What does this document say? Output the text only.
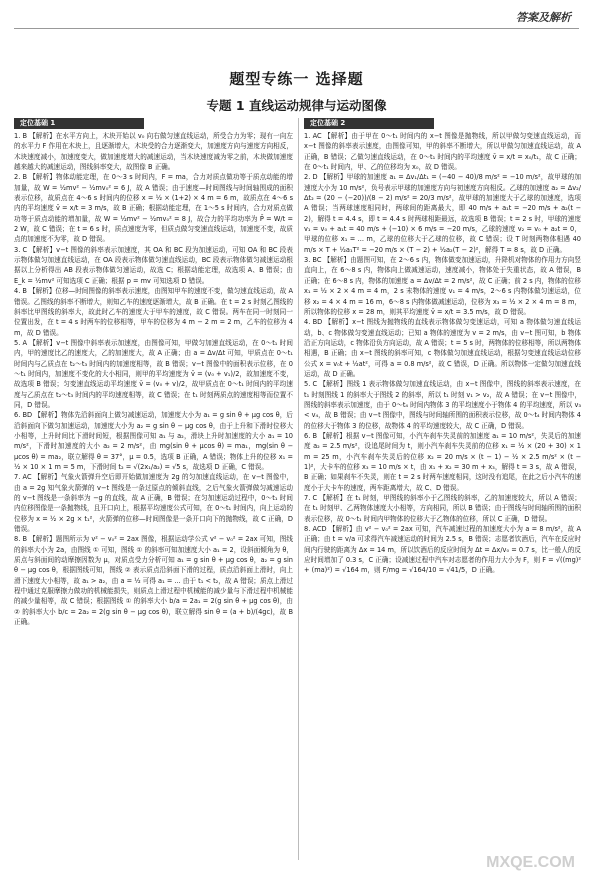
答案及解析
题型专练一 选择题
专题 1 直线运动规律与运动图像
定位基础 1

1. B 【解析】在水平方向上，木块开始以 v₀ 向右做匀速直线运动，所受合力为零；现有一向左的水平力 F 作用在木块上，且逐渐增大，木块受的合力逐渐变大，加速度方向与速度方向相反，木块速度减小，加速度变大，做加速度增大的减速运动，当木块速度减为零之前，木块做加速度越来越大的减速运动，图线斜率变大，故图像 B 正确。

2. B 【解析】物体动能定理，在 0～3 s 时间内，F = ma，合力对质点做功等于质点动能的增加量，故 W = ½mv² − ½mv₀² = 6 J，故 A 错误；由于速度—时间图线与时间轴围成的面积表示位移，故质点在 4～6 s 时间内的位移 x = ½ × (1+2) × 4 m = 6 m，故质点在 4～6 s 内的平均速度 v̄ = x/t = 3 m/s，故 B 正确；根据动能定理，在 1～5 s 时间内，合力对质点做功等于质点动能的增加量，故 W = ½mv² − ½mv₀² = 8 J，故合力的平均功率为 P̄ = W/t = 2 W，故 C 错误；在 t = 6 s 时，质点速度为零，但质点做匀变速直线运动，加速度不变，故质点的加速度不为零，故 D 错误。

3. C 【解析】v−t 图像的斜率表示加速度，其 OA 和 BC 段为加速运动，可知 OA 和 BC 段表示物体做匀加速直线运动，在 OA 段表示物体做匀速直线运动，BC 段表示物体做匀减速运动根据以上分析得出 AB 段表示物体做匀速运动，故选 C；根据动能定理，故选项 A、B 错误；由 E_k = ½mv² 可知选项 C 正确；根据 p = mv 可知选项 D 错误。

4. B 【解析】位移—时间图像的斜率表示速度，由图知甲车的速度不变，做匀速直线运动，故 A 错误。乙图线的斜率不断增大，则知乙车的速度逐渐增大，故 B 正确。在 t = 2 s 时刻乙图线的斜率比甲图线的斜率大，故此时乙车的速度大于甲车的速度，故 C 错误。两车在同一时刻同一位置出发，在 t = 4 s 时两车的位移相等，甲车的位移为 4 m − 2 m = 2 m，乙车的位移为 4 m，故 D 错误。

5. A 【解析】v−t 图像中斜率表示加速度，由图像可知，甲做匀加速直线运动，在 0～t₁ 时间内，甲的速度比乙的速度大，乙的加速度大，故 A 正确；由 a = Δv/Δt 可知，甲质点在 0～t₁ 时间内与乙质点在 t₂～t₃ 时间内的加速度相等，故 B 错误；v−t 图像中的面积表示位移，在 0～t₁ 时间内，加速度不变化的大小相同，则甲的平均速度为 v̄ = (v₀ + v₁)/2，故加速度不变，故选项 B 错误；匀变速直线运动平均速度 v̄ = (v₀ + v)/2，故甲质点在 0～t₁ 时间内的平均速度与乙质点在 t₂～t₃ 时间内的平均速度相等，故 C 错误；在 t₁ 时刻两质点的速度相等而位置不同，D 错误。

6. BD 【解析】物体先沿斜面向上做匀减速运动，加速度大小为 a₁ = g sin θ + μg cos θ，后沿斜面向下做匀加速运动，加速度大小为 a₂ = g sin θ − μg cos θ，由于上升和下滑时位移大小相等，上升时间比下滑时间短，根据图像可知 a₁ 与 a₂，滑块上升时加速度的大小 a₁ = 10 m/s²，下滑时加速度的大小 a₂ = 2 m/s²，由 mg(sin θ + μcos θ) = ma₁，mg(sin θ − μcos θ) = ma₂，联立解得 θ = 37°，μ = 0.5，选项 B 正确，A 错误；物体上升的位移 x₁ = ½ × 10 × 1 m = 5 m，下滑时间 t₂ = √(2x₁/a₂) = √5 s，故选项 D 正确，C 错误。

7. AC 【解析】气象火箭弹升空后即开始做加速度为 2g 的匀加速直线运动，在 v−t 图像中，由 a = 2g 知气象火箭弹的 v−t 图线是一条过原点的倾斜直线，之后气象火箭弹做匀减速运动的 v−t 图线是一条斜率为 −g 的直线，故 A 正确，B 错误；在匀加速运动过程中，0～t₁ 时间内位移图像是一条抛物线，且开口向上，根据平均速度公式可知，在 0～t₁ 时间内，向上运动的位移为 x = ½ × 2g × t₁²，火箭弹的位移—时间图像是一条开口向下的抛物线，故 C 正确，D 错误。

8. B 【解析】题图所示为 v² − v₀² = 2ax 图像，根据运动学公式 v² − v₀² = 2ax 可知，图线的斜率大小为 2a，由图线 ① 可知，图线 ① 的斜率可知加速度大小 a₁ = 2，设斜面倾角为 θ，质点与斜面间的动摩擦因数为 μ，对质点受力分析可知 a₁ = g sin θ + μg cos θ，a₂ = g sin θ − μg cos θ，根据图线可知，图线 ② 表示质点沿斜面下滑的过程，质点沿斜面上滑时，向上滑下速度大小相等，故 a₁ > a₂，由 a = ½ 可得 a₁ = ... 由于 t₁ < t₂，故 A 错误；质点上滑过程中通过克服摩擦力做功的机械能损失，则质点上滑过程中机械能的减少量与下滑过程中机械能的减少量相等，故 C 错误；根据图线 ① 的斜率大小 b/a = 2a₁ = 2(g sin θ + μg cos θ)，由 ② 的斜率大小 b/c = 2a₂ = 2(g sin θ − μg cos θ)，联立解得 sin θ = (a + b)/(4gc)，故 B 正确。

定位基础 2

1. AC 【解析】由于甲在 0～t₁ 时间内的 x−t 图像是抛物线，所以甲做匀变速直线运动，而 x−t 图像的斜率表示速度，由图像可知，甲的斜率不断增大，所以甲做匀加速直线运动，故 A 正确，B 错误；乙做匀速直线运动，在 0～t₁ 时间内的平均速度 v̄ = x/t = x₀/t₁，故 C 正确；在 0～t₁ 时间内，甲、乙的位移均为 x₀，故 D 错误。

2. D 【解析】甲球的加速度 a₁ = Δv₁/Δt₁ = (−40 − 40)/8 m/s² = −10 m/s²，故甲球的加速度大小为 10 m/s²，负号表示甲球的加速度方向与初速度方向相反。乙球的加速度 a₂ = Δv₂/Δt₂ = (20 − (−20))/(8 − 2) m/s² = 20/3 m/s²，故甲球的加速度大于乙球的加速度，选项 A 错误；当两球速度相同时，两球间的距离最大，即 40 m/s + a₁t = −20 m/s + a₂(t − 2)，解得 t = 4.4 s，即 t = 4.4 s 时两球相距最远，故选项 B 错误；t = 2 s 时，甲球的速度 v₁ = v₀ + a₁t = 40 m/s + (−10) × 6 m/s = −20 m/s，乙球的速度 v₂ = v₀ + a₂t = 0，甲球的位移 x₁ = ... m，乙球的位移大于乙球的位移，故 C 错误；设 T 时刻两物体相遇 40 m/s × T + ½a₁T² = −20 m/s × (T − 2) + ½a₂(T − 2)²，解得 T = 8 s，故 D 正确。

3. BC 【解析】由题图可知，在 2～6 s 内，物体做变加速运动，升降机对物体的作用力方向竖直向上，在 6～8 s 内，物体向上做减速运动，速度减小，物体处于失重状态，故 A 错误，B 正确；在 6～8 s 内，物体的加速度 a = Δv/Δt = 2 m/s²，故 C 正确；前 2 s 内，物体的位移 x₁ = ½ × 2 × 4 m = 4 m，2 s 末物体的速度 v₁ = 4 m/s，2～6 s 内物体做匀速运动，位移 x₂ = 4 × 4 m = 16 m，6～8 s 内物体做减速运动，位移为 x₃ = ½ × 2 × 4 m = 8 m，所以物体的位移 x = 28 m，则其平均速度 v̄ = x/t = 3.5 m/s，故 D 错误。

4. BD 【解析】x−t 图线为抛物线的直线表示物体做匀变速运动，可知 a 物体做匀速直线运动，b、c 物体做匀变速直线运动；已知 a 物体的速度为 v = 2 m/s，由 v−t 图可知，b 物体沿正方向运动，c 物体沿负方向运动，故 A 错误；t = 5 s 时，两物体的位移相等，所以两物体相遇，B 正确；由 x−t 图线的斜率可知，c 物体做匀加速直线运动，根据匀变速直线运动位移公式 x = v₀t + ½at²，可得 a = 0.8 m/s²，故 C 错误，D 正确。所以物体一定做匀加速直线运动，故 D 正确。

5. C 【解析】图线 1 表示物体做匀加速直线运动，由 x−t 图像中，图线的斜率表示速度，在 t₁ 时刻图线 1 的斜率大于图线 2 的斜率，所以 t₁ 时刻 v₁ > v₂，故 A 错误；在 v−t 图像中，图线的斜率表示加速度，由于 0～t₄ 时间内物体 3 的平均速度小于物体 4 的平均速度，所以 v₃ < v₄，故 B 错误；由 v−t 图像中，图线与时间轴所围的面积表示位移，故 0～t₄ 时间内物体 4 的位移大于物体 3 的位移，故物体 4 的平均速度较大，故 C 正确，D 错误。

6. B 【解析】根据 v−t 图像可知，小汽车刹车失灵前的加速度 a₁ = 10 m/s²，失灵后的加速度 a₂ = 2.5 m/s²，设追尾时间为 t，则小汽车刹车失灵前的位移 x₁ = ½ × (20 + 30) × 1 m = 25 m，小汽车刹车失灵后的位移 x₂ = 20 m/s × (t − 1) − ½ × 2.5 m/s² × (t − 1)²，大卡车的位移 x₃ = 10 m/s × t，由 x₁ + x₂ = 30 m + x₃，解得 t = 3 s，故 A 错误，B 正确；如果刹车不失灵，则在 t = 2 s 时两车速度相同，这时没有追尾，在此之后小汽车的速度小于大卡车的速度，两车距离增大，故 C、D 错误。

7. C 【解析】在 t₁ 时刻，甲图线的斜率小于乙图线的斜率，乙的加速度较大，所以 A 错误；在 t₁ 时刻甲、乙两物体速度大小相等，方向相同，所以 B 错误；由于图线与时间轴所围的面积表示位移，故 0～t₁ 时间内甲物体的位移大于乙物体的位移，所以 C 正确，D 错误。

8. ACD 【解析】由 v² − v₀² = 2ax 可知，汽车减速过程的加速度大小为 a = 8 m/s²，故 A 正确；由 t = v/a 可求得汽车减速运动的时间为 2.5 s，B 错误；志愿者饮酒后，汽车在反应时间内行驶的距离为 Δx = 14 m，所以饮酒后的反应时间为 Δt = Δx/v₀ = 0.7 s，比一般人的反应时间增加了 0.3 s，C 正确；设减速过程中汽车对志愿者的作用力大小为 F，则 F = √((mg)² + (ma)²) = √164 m，则 F/mg = √164/10 = √41/5，D 正确。

MXQE.COM
